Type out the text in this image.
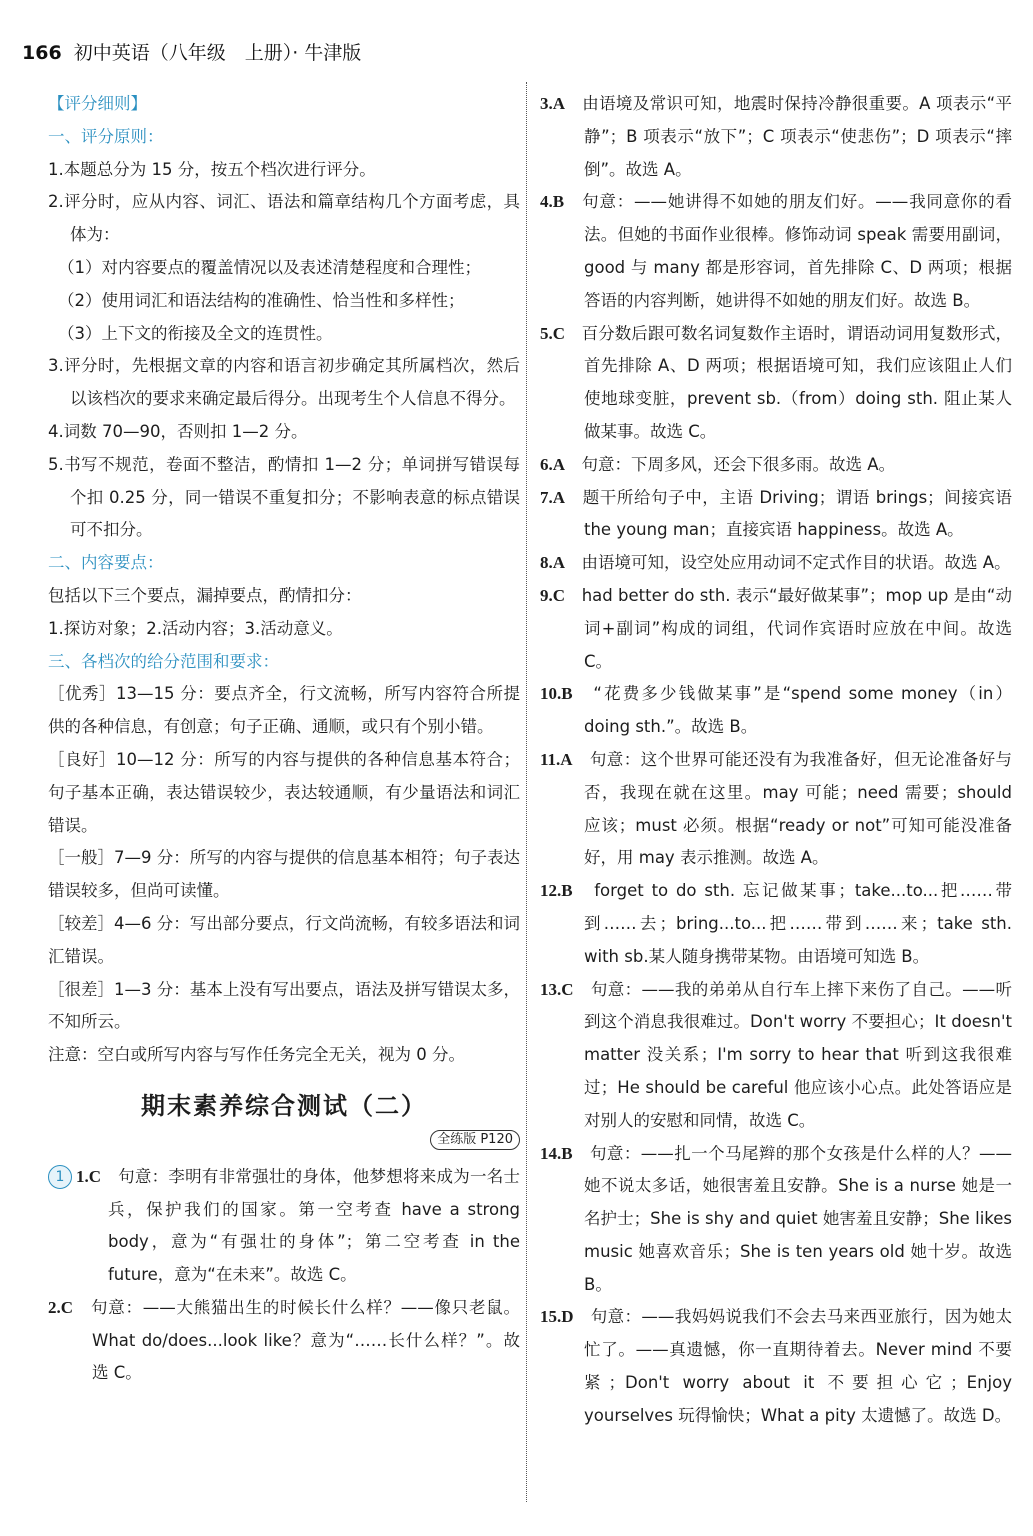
166 初中英语（八年级　上册）· 牛津版

【评分细则】

一、评分原则：

1.本题总分为 15 分，按五个档次进行评分。

2.评分时，应从内容、词汇、语法和篇章结构几个方面考虑，具体为：

（1）对内容要点的覆盖情况以及表述清楚程度和合理性；

（2）使用词汇和语法结构的准确性、恰当性和多样性；

（3）上下文的衔接及全文的连贯性。

3.评分时，先根据文章的内容和语言初步确定其所属档次，然后以该档次的要求来确定最后得分。出现考生个人信息不得分。

4.词数 70—90，否则扣 1—2 分。

5.书写不规范，卷面不整洁，酌情扣 1—2 分；单词拼写错误每个扣 0.25 分，同一错误不重复扣分；不影响表意的标点错误可不扣分。

二、内容要点：

包括以下三个要点，漏掉要点，酌情扣分：

1.探访对象；2.活动内容；3.活动意义。

三、各档次的给分范围和要求：

［优秀］13—15 分：要点齐全，行文流畅，所写内容符合所提供的各种信息，有创意；句子正确、通顺，或只有个别小错。

［良好］10—12 分：所写的内容与提供的各种信息基本符合；句子基本正确，表达错误较少，表达较通顺，有少量语法和词汇错误。

［一般］7—9 分：所写的内容与提供的信息基本相符；句子表达错误较多，但尚可读懂。

［较差］4—6 分：写出部分要点，行文尚流畅，有较多语法和词汇错误。

［很差］1—3 分：基本上没有写出要点，语法及拼写错误太多，不知所云。

注意：空白或所写内容与写作任务完全无关，视为 0 分。

期末素养综合测试（二）
全练版 P120

1 1.C　 句意：李明有非常强壮的身体，他梦想将来成为一名士兵，保护我们的国家。第一空考查 have a strong body，意为“有强壮的身体”；第二空考查 in the future，意为“在未来”。故选 C。

2.C　 句意：——大熊猫出生的时候长什么样？——像只老鼠。What do/does...look like？意为“……长什么样？”。故选 C。

3.A　 由语境及常识可知，地震时保持冷静很重要。A 项表示“平静”；B 项表示“放下”；C 项表示“使悲伤”；D 项表示“摔倒”。故选 A。

4.B　 句意：——她讲得不如她的朋友们好。——我同意你的看法。但她的书面作业很棒。修饰动词 speak 需要用副词，good 与 many 都是形容词，首先排除 C、D 两项；根据答语的内容判断，她讲得不如她的朋友们好。故选 B。

5.C　 百分数后跟可数名词复数作主语时，谓语动词用复数形式，首先排除 A、D 两项；根据语境可知，我们应该阻止人们使地球变脏，prevent sb.（from）doing sth. 阻止某人做某事。故选 C。

6.A　 句意：下周多风，还会下很多雨。故选 A。

7.A　 题干所给句子中，主语 Driving；谓语 brings；间接宾语 the young man；直接宾语 happiness。故选 A。

8.A　 由语境可知，设空处应用动词不定式作目的状语。故选 A。

9.C　 had better do sth. 表示“最好做某事”；mop up 是由“动词+副词”构成的词组，代词作宾语时应放在中间。故选 C。

10.B　 “花费多少钱做某事”是“spend some money（in）doing sth.”。故选 B。

11.A　 句意：这个世界可能还没有为我准备好，但无论准备好与否，我现在就在这里。may 可能；need 需要；should 应该；must 必须。根据“ready or not”可知可能没准备好，用 may 表示推测。故选 A。

12.B　 forget to do sth. 忘记做某事；take...to...把……带到……去；bring...to...把……带到……来；take sth. with sb.某人随身携带某物。由语境可知选 B。

13.C　 句意：——我的弟弟从自行车上摔下来伤了自己。——听到这个消息我很难过。Don't worry 不要担心；It doesn't matter 没关系；I'm sorry to hear that 听到这我很难过；He should be careful 他应该小心点。此处答语应是对别人的安慰和同情，故选 C。

14.B　 句意：——扎一个马尾辫的那个女孩是什么样的人？——她不说太多话，她很害羞且安静。She is a nurse 她是一名护士；She is shy and quiet 她害羞且安静；She likes music 她喜欢音乐；She is ten years old 她十岁。故选 B。

15.D　 句意：——我妈妈说我们不会去马来西亚旅行，因为她太忙了。——真遗憾，你一直期待着去。Never mind 不要紧；Don't worry about it 不要担心它；Enjoy yourselves 玩得愉快；What a pity 太遗憾了。故选 D。
